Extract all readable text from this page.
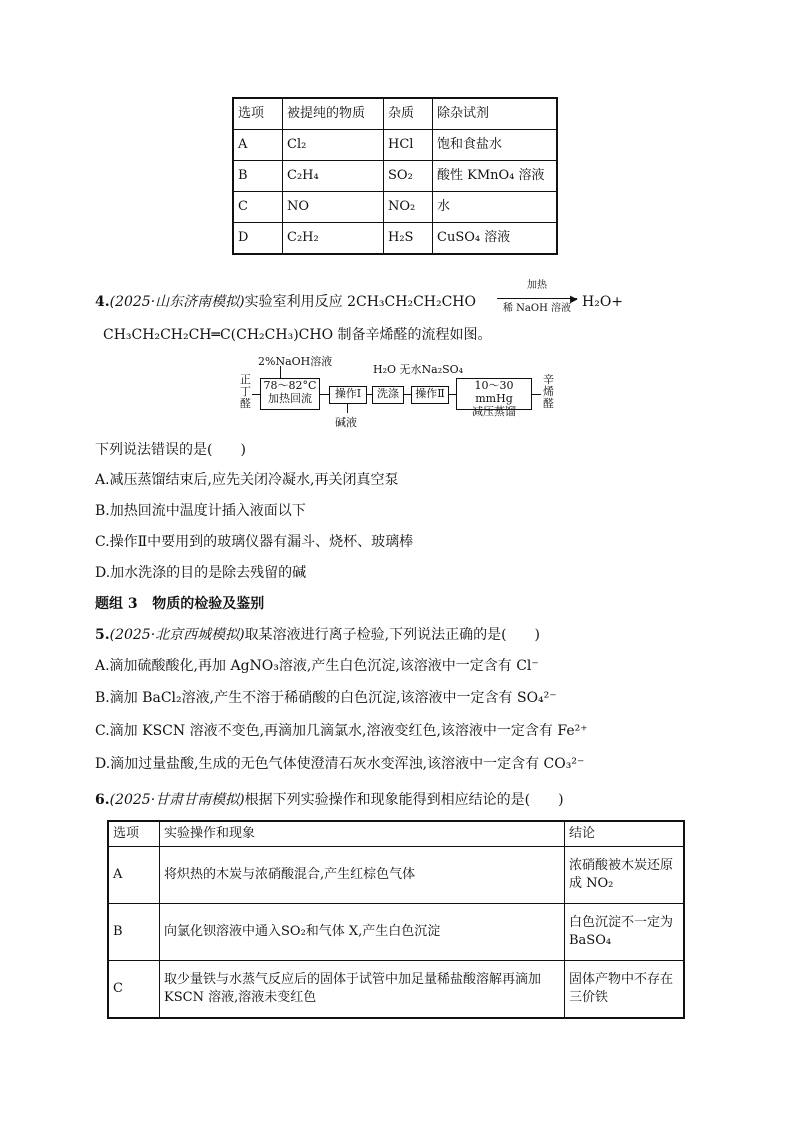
选项	被提纯的物质	杂质	除杂试剂
A	Cl₂	HCl	饱和食盐水
B	C₂H₄	SO₂	酸性 KMnO₄ 溶液
C	NO	NO₂	水
D	C₂H₂	H₂S	CuSO₄ 溶液
4.(2025·山东济南模拟)实验室利用反应 2CH₃CH₂CH₂CHO
加热
▶
稀 NaOH 溶液 H₂O+
CH₃CH₂CH₂CH═C(CH₂CH₃)CHO 制备辛烯醛的流程如图。
正丁醛
2%NaOH溶液
78～82°C
加热回流	操作Ⅰ
碱液
H₂O 无水Na₂SO₄
洗涤	操作Ⅱ
10～30 mmHg
减压蒸馏
辛烯醛
下列说法错误的是(　　)
A.减压蒸馏结束后,应先关闭冷凝水,再关闭真空泵
B.加热回流中温度计插入液面以下
C.操作Ⅱ中要用到的玻璃仪器有漏斗、烧杯、玻璃棒
D.加水洗涤的目的是除去残留的碱
题组 3 物质的检验及鉴别
5.(2025·北京西城模拟)取某溶液进行离子检验,下列说法正确的是(　　)
A.滴加硫酸酸化,再加 AgNO₃溶液,产生白色沉淀,该溶液中一定含有 Cl⁻
B.滴加 BaCl₂溶液,产生不溶于稀硝酸的白色沉淀,该溶液中一定含有 SO₄²⁻
C.滴加 KSCN 溶液不变色,再滴加几滴氯水,溶液变红色,该溶液中一定含有 Fe²⁺
D.滴加过量盐酸,生成的无色气体使澄清石灰水变浑浊,该溶液中一定含有 CO₃²⁻
6.(2025·甘肃甘南模拟)根据下列实验操作和现象能得到相应结论的是(　　)
选项	实验操作和现象	结论
A	将炽热的木炭与浓硝酸混合,产生红棕色气体	浓硝酸被木炭还原成 NO₂
B	向氯化钡溶液中通入SO₂和气体 X,产生白色沉淀	白色沉淀不一定为 BaSO₄
C	取少量铁与水蒸气反应后的固体于试管中加足量稀盐酸溶解再滴加 KSCN 溶液,溶液未变红色	固体产物中不存在三价铁
